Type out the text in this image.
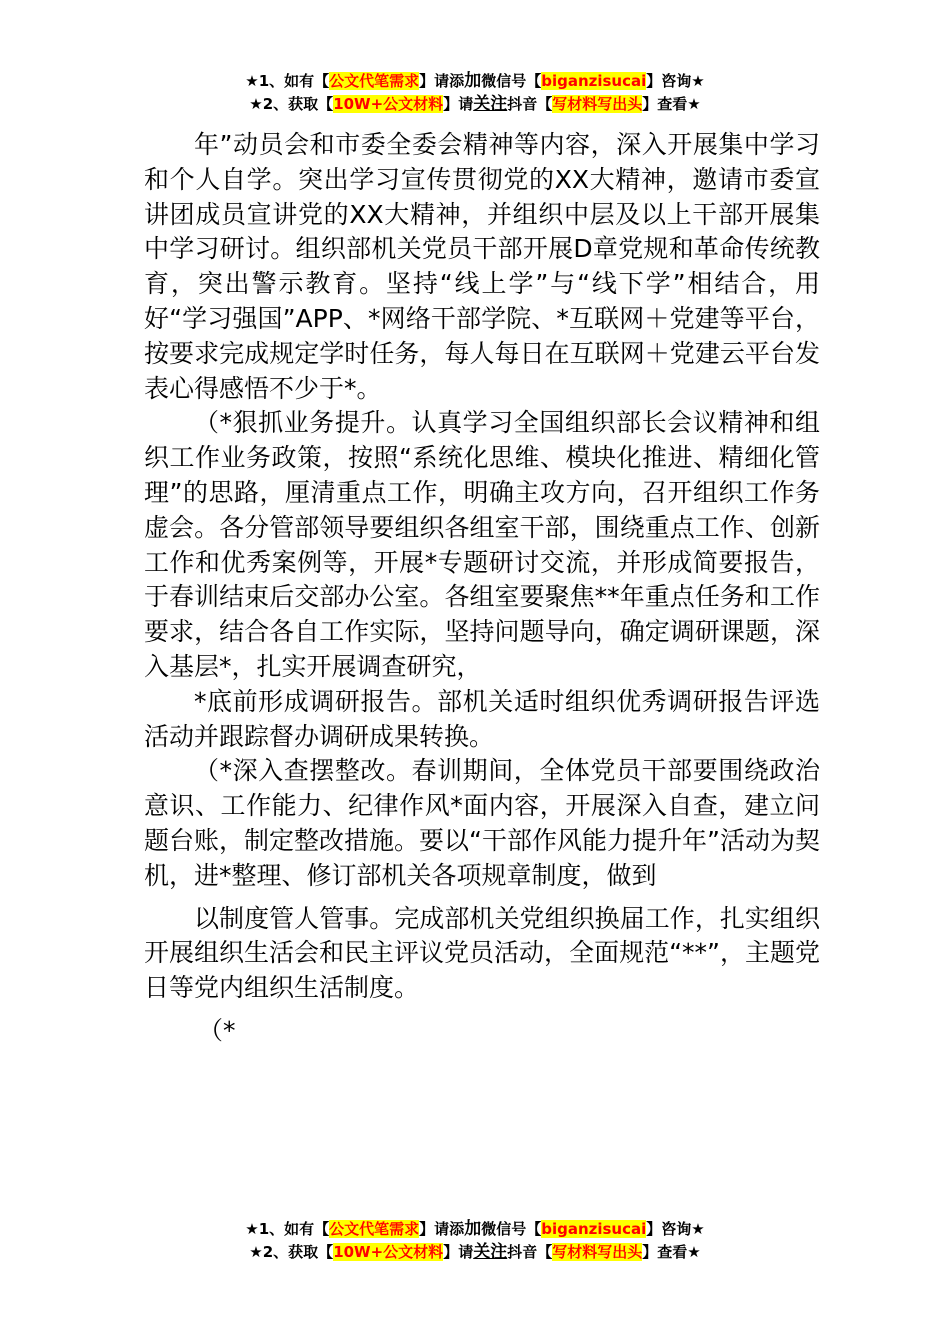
★1、如有【公文代笔需求】请添加微信号【biganzisucai】咨询★
★2、获取【10W+公文材料】请关注抖音【写材料写出头】查看★

年”动员会和市委全委会精神等内容，深入开展集中学习和个人自学。突出学习宣传贯彻党的XX大精神，邀请市委宣讲团成员宣讲党的XX大精神，并组织中层及以上干部开展集中学习研讨。组织部机关党员干部开展D章党规和革命传统教育，突出警示教育。坚持“线上学”与“线下学”相结合，用好“学习强国”APP、*网络干部学院、*互联网＋党建等平台，按要求完成规定学时任务，每人每日在互联网＋党建云平台发表心得感悟不少于*。

（*狠抓业务提升。认真学习全国组织部长会议精神和组织工作业务政策，按照“系统化思维、模块化推进、精细化管理”的思路，厘清重点工作，明确主攻方向，召开组织工作务虚会。各分管部领导要组织各组室干部，围绕重点工作、创新工作和优秀案例等，开展*专题研讨交流，并形成简要报告，于春训结束后交部办公室。各组室要聚焦**年重点任务和工作要求，结合各自工作实际，坚持问题导向，确定调研课题，深入基层*，扎实开展调查研究，

*底前形成调研报告。部机关适时组织优秀调研报告评选活动并跟踪督办调研成果转换。

（*深入查摆整改。春训期间，全体党员干部要围绕政治意识、工作能力、纪律作风*面内容，开展深入自查，建立问题台账，制定整改措施。要以“干部作风能力提升年”活动为契机，进*整理、修订部机关各项规章制度，做到

以制度管人管事。完成部机关党组织换届工作，扎实组织开展组织生活会和民主评议党员活动，全面规范“**”，主题党日等党内组织生活制度。

（*

★1、如有【公文代笔需求】请添加微信号【biganzisucai】咨询★
★2、获取【10W+公文材料】请关注抖音【写材料写出头】查看★
